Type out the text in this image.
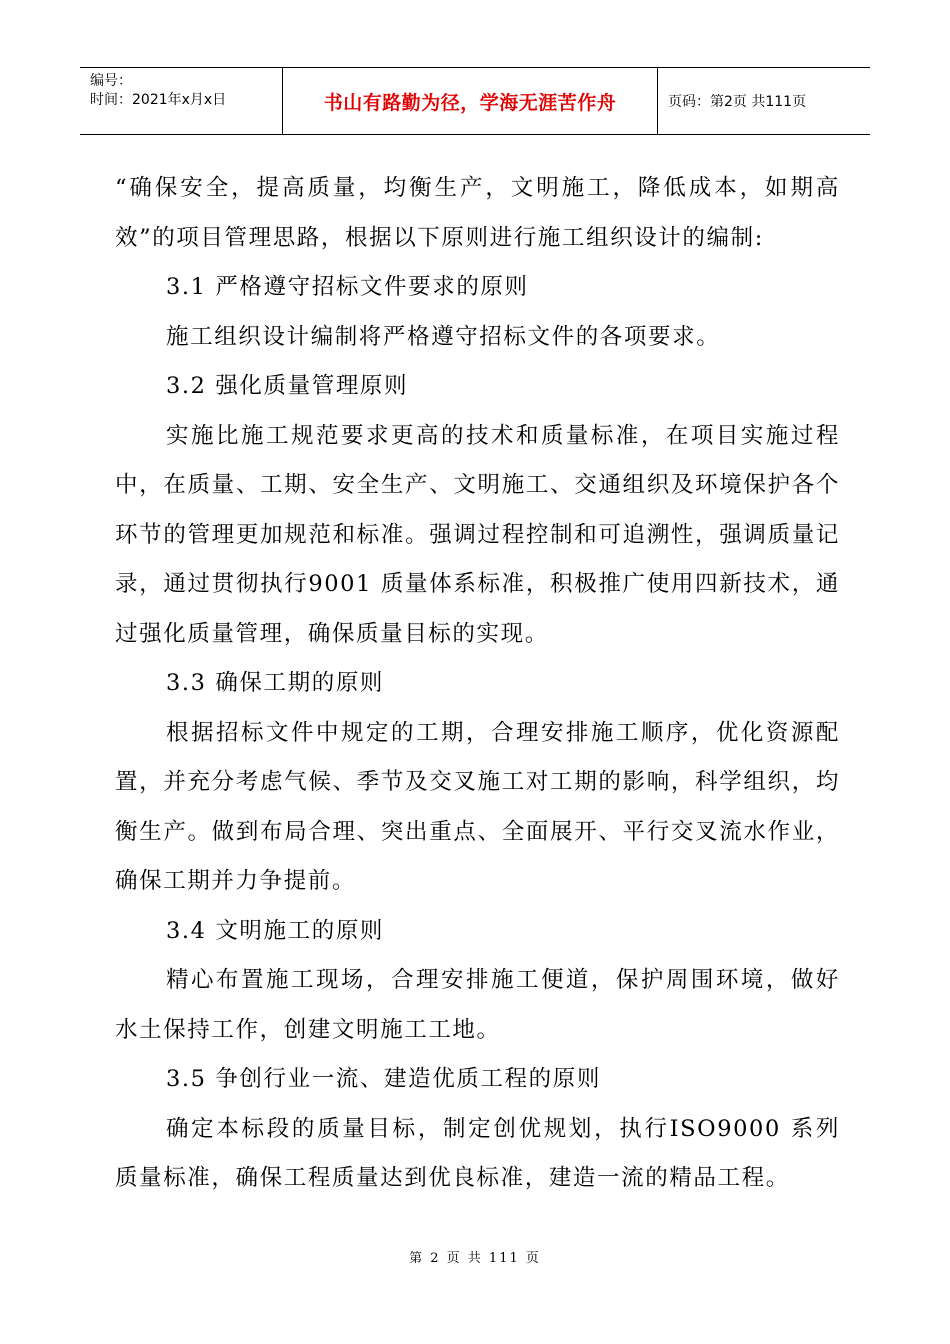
编号：
时间：2021年x月x日	书山有路勤为径，学海无涯苦作舟	页码：第2页 共111页

“确保安全，提高质量，均衡生产，文明施工，降低成本，如期高效”的项目管理思路，根据以下原则进行施工组织设计的编制:

3.1 严格遵守招标文件要求的原则

施工组织设计编制将严格遵守招标文件的各项要求。

3.2 强化质量管理原则

实施比施工规范要求更高的技术和质量标准，在项目实施过程中，在质量、工期、安全生产、文明施工、交通组织及环境保护各个环节的管理更加规范和标准。强调过程控制和可追溯性，强调质量记录，通过贯彻执行9001 质量体系标准，积极推广使用四新技术，通过强化质量管理，确保质量目标的实现。

3.3 确保工期的原则

根据招标文件中规定的工期，合理安排施工顺序，优化资源配置，并充分考虑气候、季节及交叉施工对工期的影响，科学组织，均衡生产。做到布局合理、突出重点、全面展开、平行交叉流水作业，确保工期并力争提前。

3.4 文明施工的原则

精心布置施工现场，合理安排施工便道，保护周围环境，做好水土保持工作，创建文明施工工地。

3.5 争创行业一流、建造优质工程的原则

确定本标段的质量目标，制定创优规划，执行ISO9000 系列质量标准，确保工程质量达到优良标准，建造一流的精品工程。

第 2 页 共 111 页
